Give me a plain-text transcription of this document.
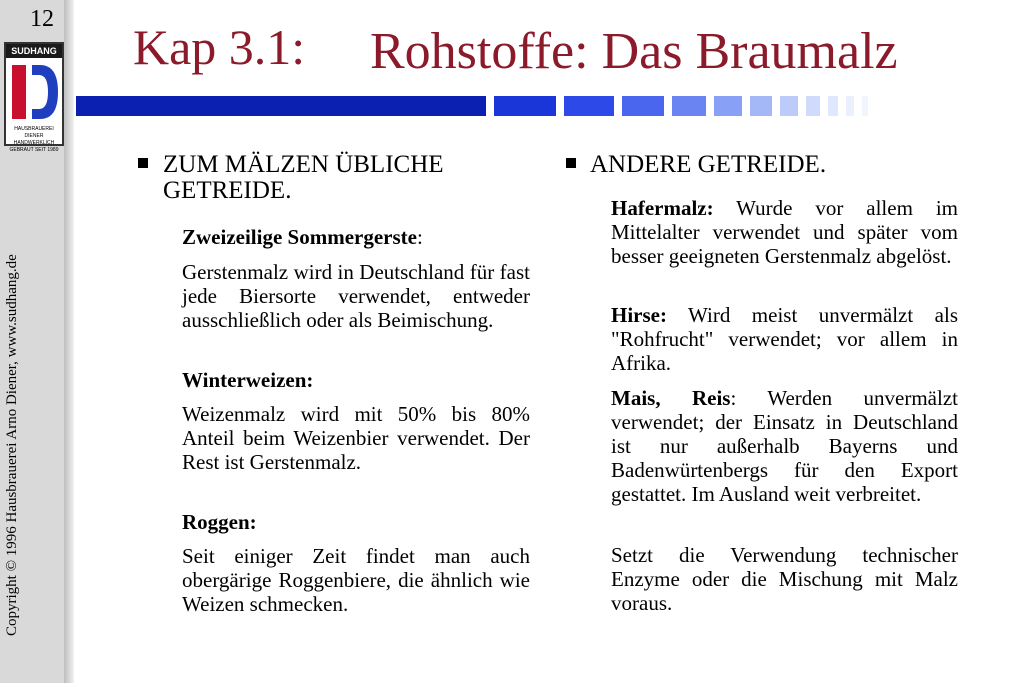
12
SUDHANG
HAUSBRAUEREI DIENER
HANDWERKLICH GEBRAUT SEIT 1989
Copyright © 1996 Hausbrauerei Arno Diener, www.sudhang.de
Kap 3.1: Rohstoffe: Das Braumalz
ZUM MÄLZEN ÜBLICHE
GETREIDE.
Zweizeilige Sommergerste:
Gerstenmalz wird in Deutschland für fast jede Biersorte verwendet, entweder ausschließlich oder als Beimischung.
Winterweizen:
Weizenmalz wird mit 50% bis 80% Anteil beim Weizenbier verwendet. Der Rest ist Gerstenmalz.
Roggen:
Seit einiger Zeit findet man auch obergärige Roggenbiere, die ähnlich wie Weizen schmecken.
ANDERE GETREIDE.
Hafermalz: Wurde vor allem im Mittelalter verwendet und später vom besser geeigneten Gerstenmalz abgelöst.
Hirse: Wird meist unvermälzt als "Rohfrucht" verwendet; vor allem in Afrika.
Mais, Reis: Werden unvermälzt verwendet; der Einsatz in Deutschland ist nur außerhalb Bayerns und Badenwürtenbergs für den Export gestattet. Im Ausland weit verbreitet.
Setzt die Verwendung technischer Enzyme oder die Mischung mit Malz voraus.
